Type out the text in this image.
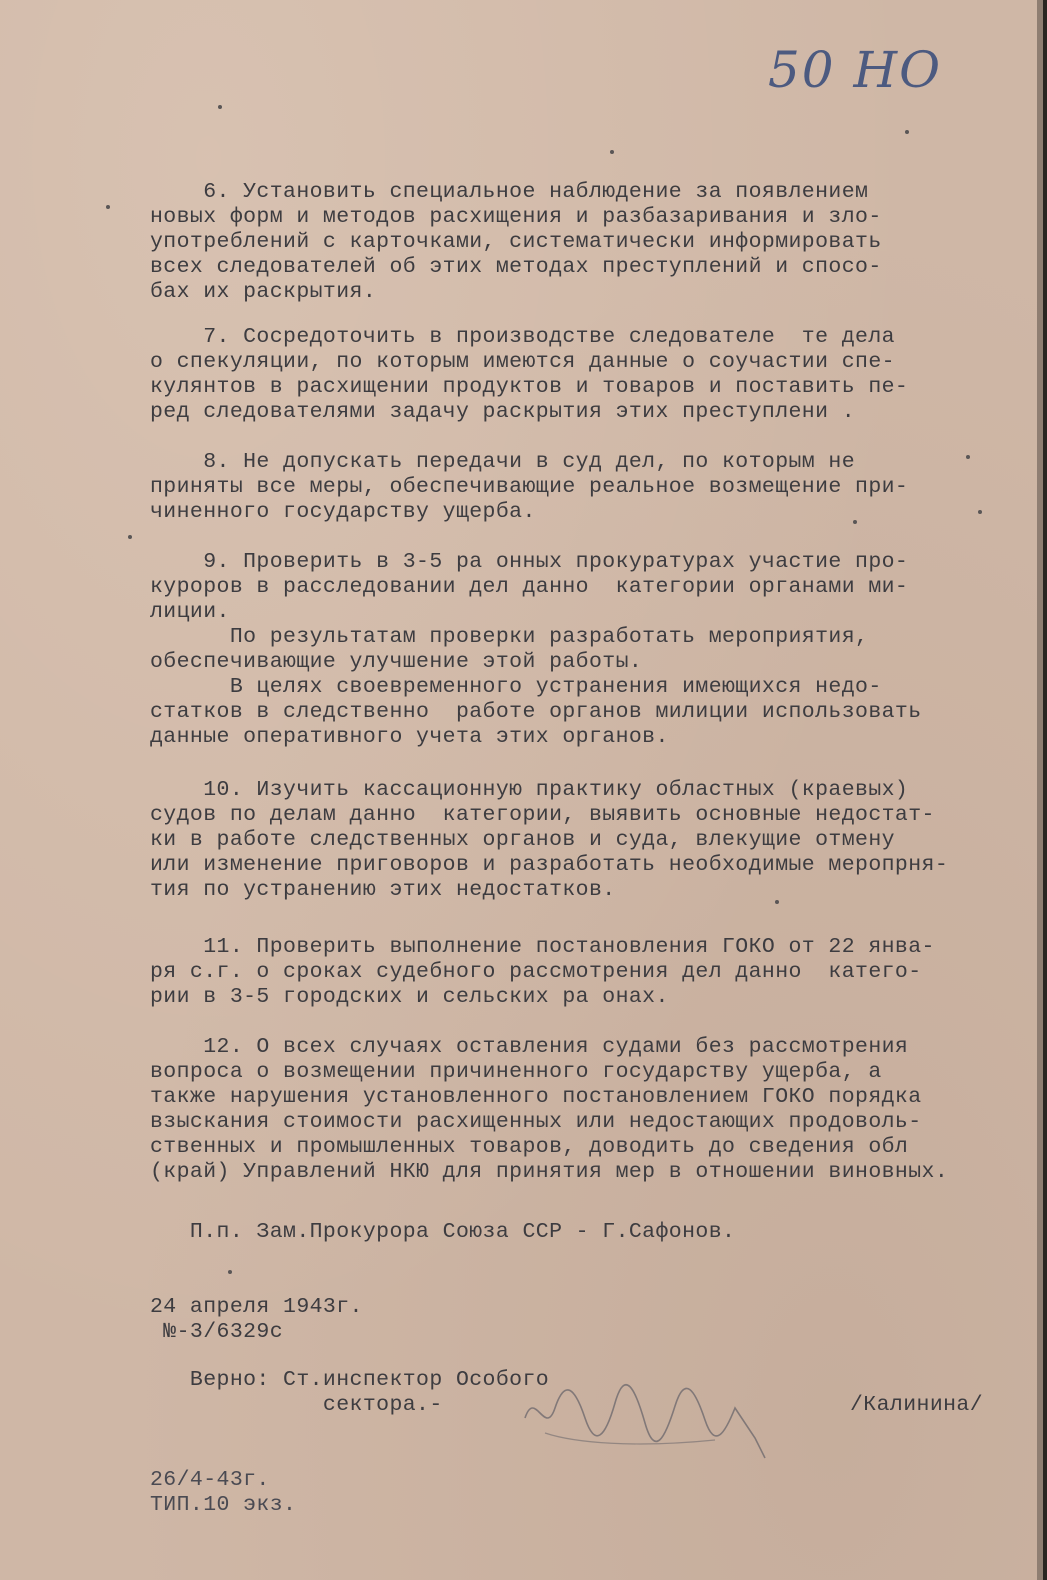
50 НО
6. Установить специальное наблюдение за появлением
новых форм и методов расхищения и разбазаривания и зло-
употреблений с карточками, систематически информировать
всех следователей об этих методах преступлений и спосо-
бах их раскрытия.
7. Сосредоточить в производстве следователе  те дела
о спекуляции, по которым имеются данные о соучастии спе-
кулянтов в расхищении продуктов и товаров и поставить пе-
ред следователями задачу раскрытия этих преступлени .
8. Не допускать передачи в суд дел, по которым не
приняты все меры, обеспечивающие реальное возмещение при-
чиненного государству ущерба.
9. Проверить в 3-5 ра онных прокуратурах участие про-
куроров в расследовании дел данно  категории органами ми-
лиции.
По результатам проверки разработать мероприятия,
обеспечивающие улучшение этой работы.
В целях своевременного устранения имеющихся недо-
статков в следственно  работе органов милиции использовать
данные оперативного учета этих органов.
10. Изучить кассационную практику областных (краевых)
судов по делам данно  категории, выявить основные недостат-
ки в работе следственных органов и суда, влекущие отмену
или изменение приговоров и разработать необходимые меропрня-
тия по устранению этих недостатков.
11. Проверить выполнение постановления ГОКО от 22 янва-
ря с.г. о сроках судебного рассмотрения дел данно  катего-
рии в 3-5 городских и сельских ра онах.
12. О всех случаях оставления судами без рассмотрения
вопроса о возмещении причиненного государству ущерба, а
также нарушения установленного постановлением ГОКО порядка
взыскания стоимости расхищенных или недостающих продоволь-
ственных и промышленных товаров, доводить до сведения обл
(край) Управлений НКЮ для принятия мер в отношении виновных.
П.п. Зам.Прокурора Союза ССР - Г.Сафонов.
24 апреля 1943г.
№-3/6329с
Верно: Ст.инспектор Особого
сектора.-	/Калинина/
26/4-43г.
ТИП.10 экз.
